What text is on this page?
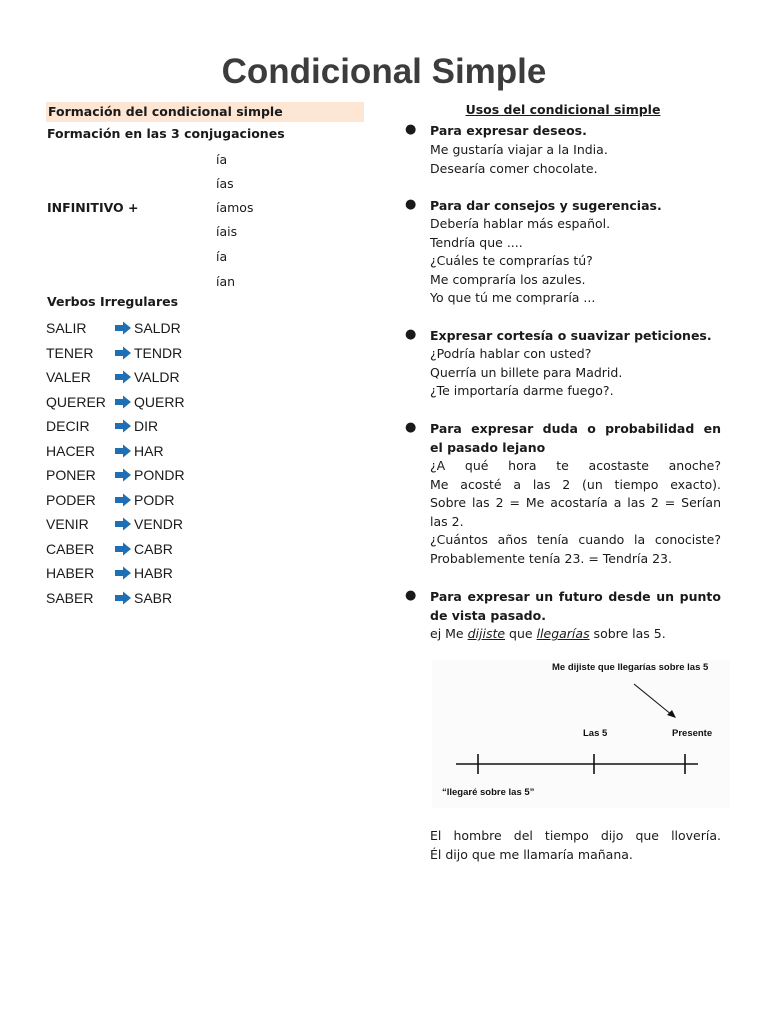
Condicional Simple
Formación del condicional simple
Formación en las 3 conjugaciones
ía
ías
INFINITIVO +	íamos
íais
ía
ían
Verbos Irregulares
SALIR	SALDR
TENER	TENDR
VALER	VALDR
QUERER QUERR
DECIR	DIR
HACER	HAR
PONER	PONDR
PODER	PODR
VENIR	VENDR
CABER	CABR
HABER	HABR
SABER	SABR
Usos del condicional simple
● Para expresar deseos.
Me gustaría viajar a la India.
Desearía comer chocolate.
● Para dar consejos y sugerencias.
Debería hablar más español.
Tendría que ....
¿Cuáles te comprarías tú?
Me compraría los azules.
Yo que tú me compraría ...
● Expresar cortesía o suavizar peticiones.
¿Podría hablar con usted?
Querría un billete para Madrid.
¿Te importaría darme fuego?.
● Para expresar duda o probabilidad en
el pasado lejano
¿A qué hora te acostaste anoche?
Me acosté a las 2 (un tiempo exacto).
Sobre las 2 = Me acostaría a las 2 = Serían
las 2.
¿Cuántos años tenía cuando la conociste?
Probablemente tenía 23. = Tendría 23.
● Para expresar un futuro desde un punto
de vista pasado.
ej Me dijiste que llegarías sobre las 5.
Me dijiste que llegarías sobre las 5
Las 5	Presente
“llegaré sobre las 5”
El hombre del tiempo dijo que llovería.
Él dijo que me llamaría mañana.
